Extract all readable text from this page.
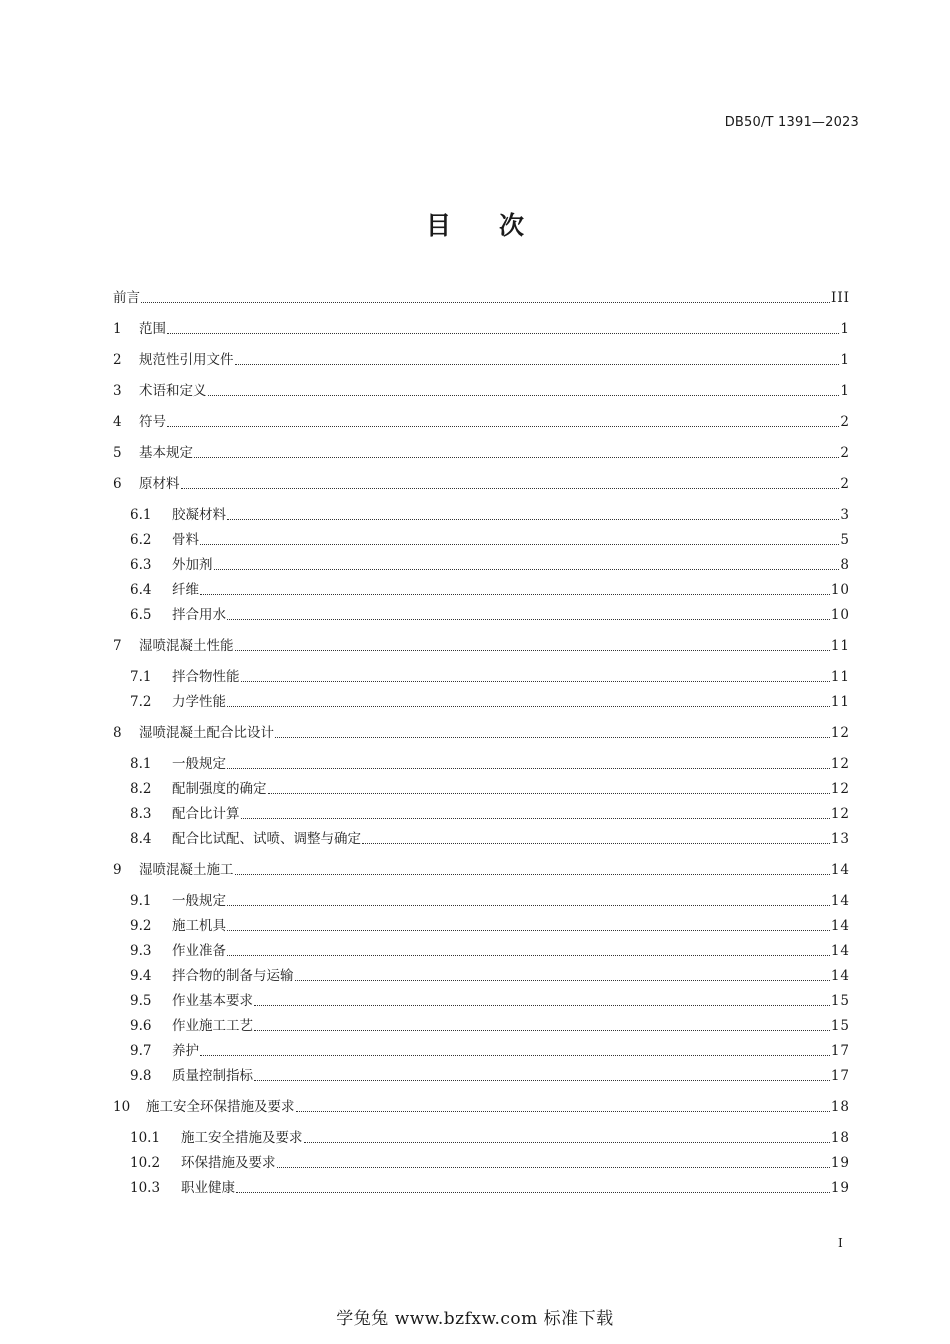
DB50/T 1391—2023
目次
前言	III
1	范围	1
2	规范性引用文件	1
3	术语和定义	1
4	符号	2
5	基本规定	2
6	原材料	2
6.1	胶凝材料	3
6.2	骨料	5
6.3	外加剂	8
6.4	纤维	10
6.5	拌合用水	10
7	湿喷混凝土性能	11
7.1	拌合物性能	11
7.2	力学性能	11
8	湿喷混凝土配合比设计	12
8.1	一般规定	12
8.2	配制强度的确定	12
8.3	配合比计算	12
8.4	配合比试配、试喷、调整与确定	13
9	湿喷混凝土施工	14
9.1	一般规定	14
9.2	施工机具	14
9.3	作业准备	14
9.4	拌合物的制备与运输	14
9.5	作业基本要求	15
9.6	作业施工工艺	15
9.7	养护	17
9.8	质量控制指标	17
10	施工安全环保措施及要求	18
10.1	施工安全措施及要求	18
10.2	环保措施及要求	19
10.3	职业健康	19
I
学兔兔 www.bzfxw.com 标准下载
